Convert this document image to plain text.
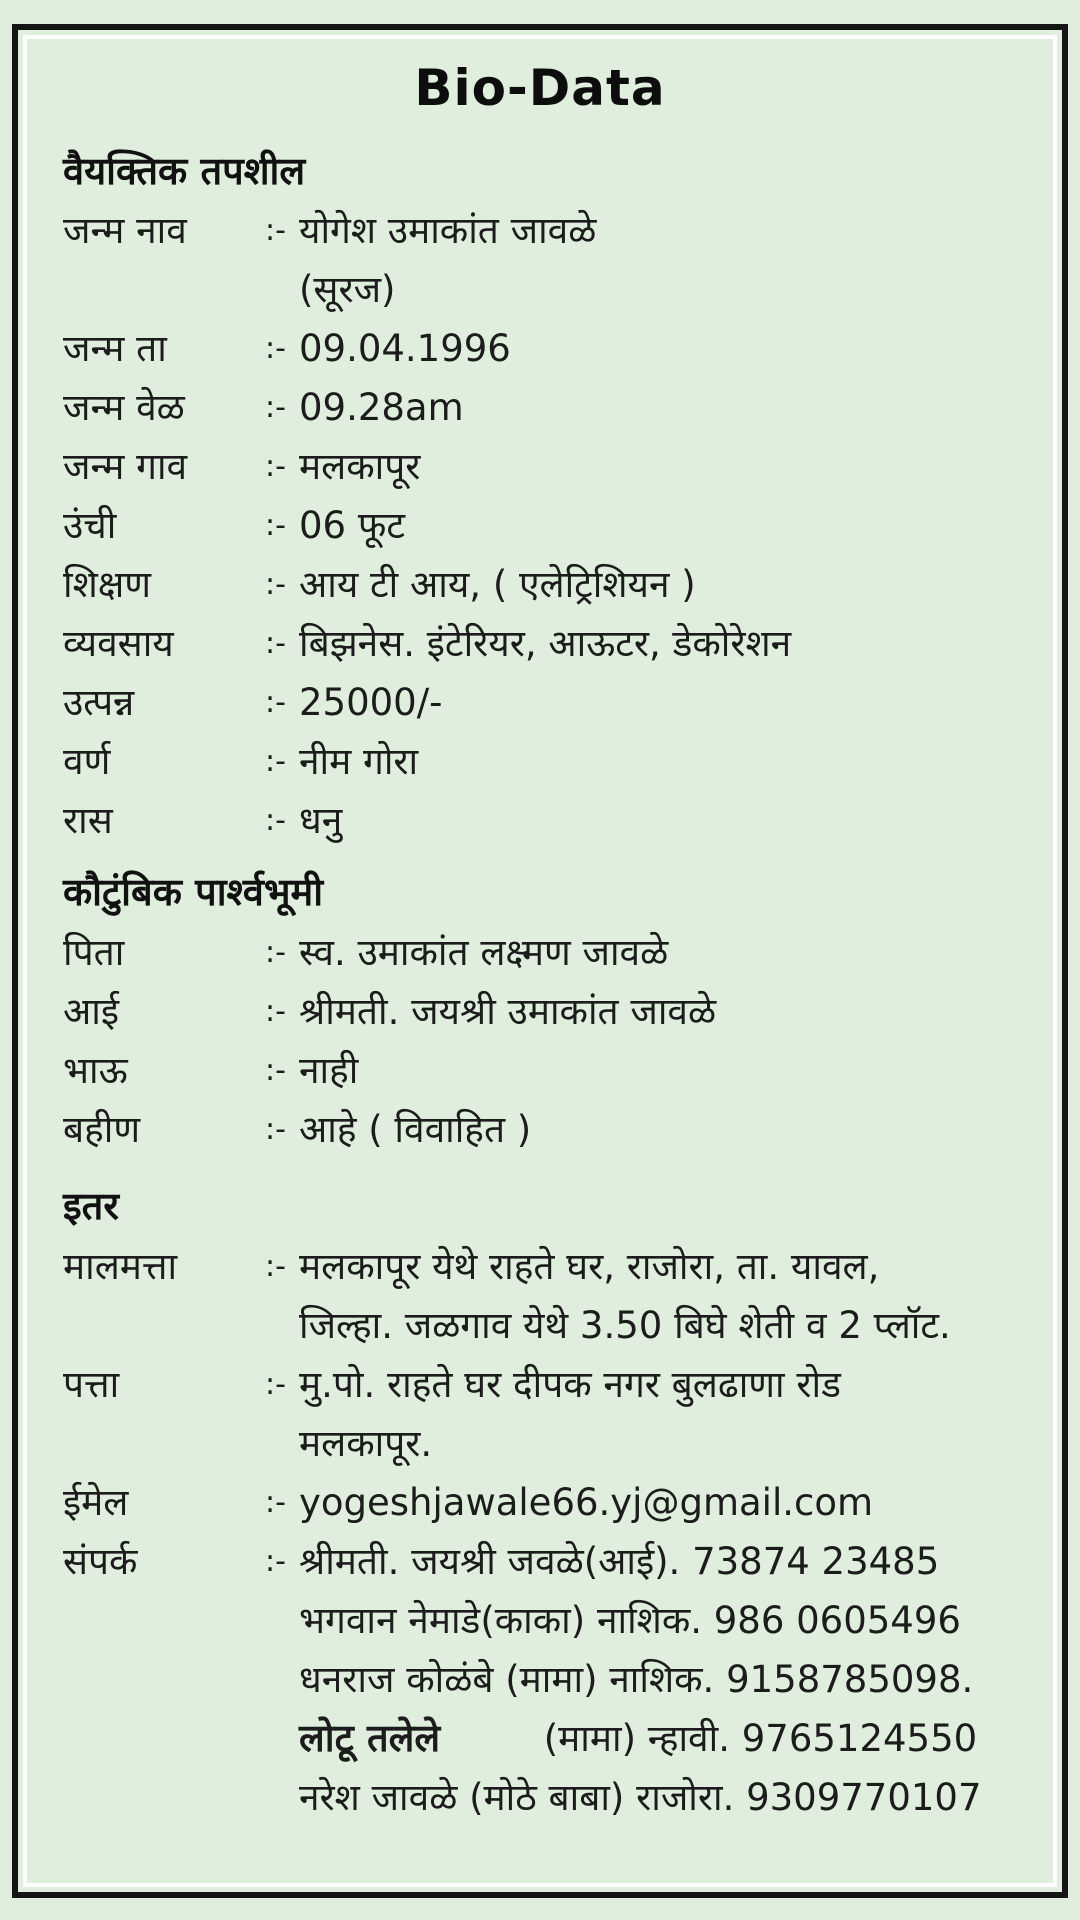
Bio-Data
वैयक्तिक तपशील
जन्म नाव	:- योगेश उमाकांत जावळे
(सूरज)
जन्म ता	:- 09.04.1996
जन्म वेळ	:- 09.28am
जन्म गाव	:- मलकापूर
उंची	:- 06 फूट
शिक्षण	:- आय टी आय, ( एलेट्रिशियन )
व्यवसाय	:- बिझनेस. इंटेरियर, आऊटर, डेकोरेशन
उत्पन्न	:- 25000/-
वर्ण	:- नीम गोरा
रास	:- धनु
कौटुंबिक पार्श्वभूमी
पिता	:- स्व. उमाकांत लक्ष्मण जावळे
आई	:- श्रीमती. जयश्री उमाकांत जावळे
भाऊ	:- नाही
बहीण	:- आहे ( विवाहित )
इतर
मालमत्ता	:- मलकापूर येथे राहते घर, राजोरा, ता. यावल,
जिल्हा. जळगाव येथे 3.50 बिघे शेती व 2 प्लॉट.
पत्ता	:- मु.पो. राहते घर दीपक नगर बुलढाणा रोड
मलकापूर.
ईमेल	:- yogeshjawale66.yj@gmail.com
संपर्क	:- श्रीमती. जयश्री जवळे(आई). 73874 23485
भगवान नेमाडे(काका) नाशिक. 986 0605496
धनराज कोळंबे (मामा) नाशिक. 9158785098.
लोटू तलेले	(मामा) न्हावी. 9765124550
नरेश जावळे (मोठे बाबा) राजोरा. 9309770107
